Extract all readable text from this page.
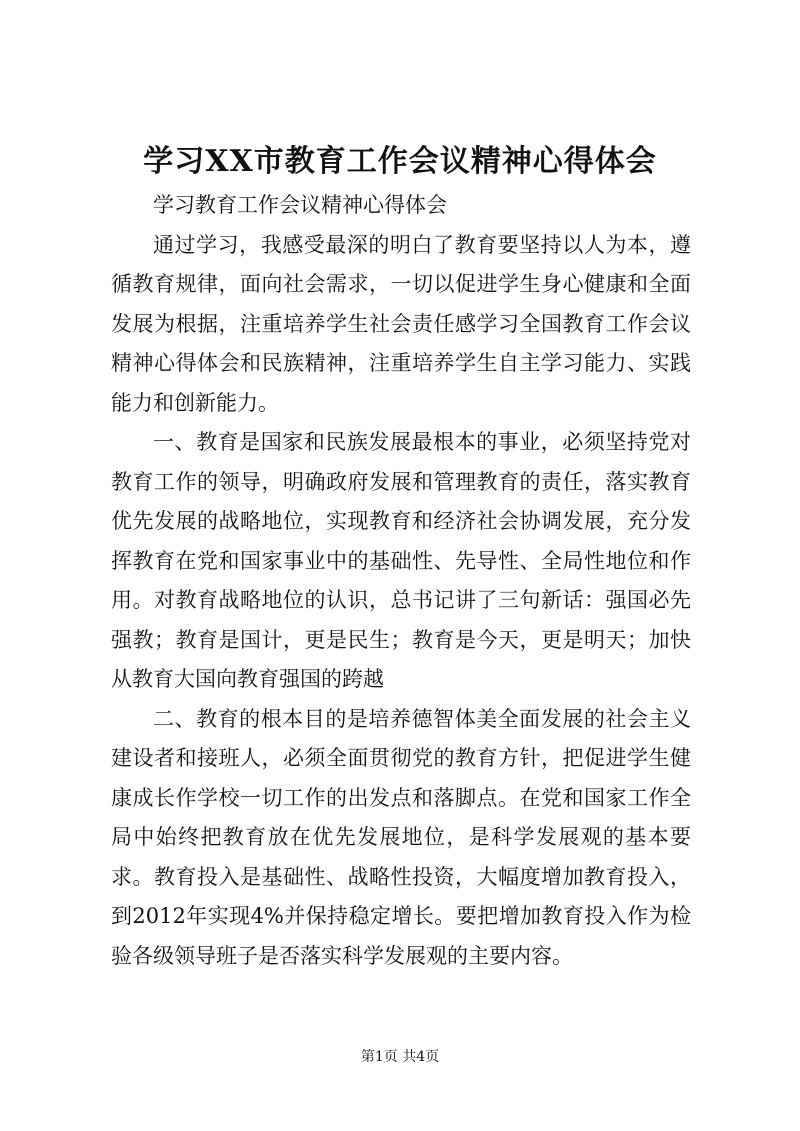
学习XX市教育工作会议精神心得体会

学习教育工作会议精神心得体会

通过学习，我感受最深的明白了教育要坚持以人为本，遵循教育规律，面向社会需求，一切以促进学生身心健康和全面发展为根据，注重培养学生社会责任感学习全国教育工作会议精神心得体会和民族精神，注重培养学生自主学习能力、实践能力和创新能力。

一、教育是国家和民族发展最根本的事业，必须坚持党对教育工作的领导，明确政府发展和管理教育的责任，落实教育优先发展的战略地位，实现教育和经济社会协调发展，充分发挥教育在党和国家事业中的基础性、先导性、全局性地位和作用。对教育战略地位的认识，总书记讲了三句新话：强国必先强教；教育是国计，更是民生；教育是今天，更是明天；加快从教育大国向教育强国的跨越

二、教育的根本目的是培养德智体美全面发展的社会主义建设者和接班人，必须全面贯彻党的教育方针，把促进学生健康成长作学校一切工作的出发点和落脚点。在党和国家工作全局中始终把教育放在优先发展地位，是科学发展观的基本要求。教育投入是基础性、战略性投资，大幅度增加教育投入，到2012年实现4%并保持稳定增长。要把增加教育投入作为检验各级领导班子是否落实科学发展观的主要内容。

第1页 共4页
